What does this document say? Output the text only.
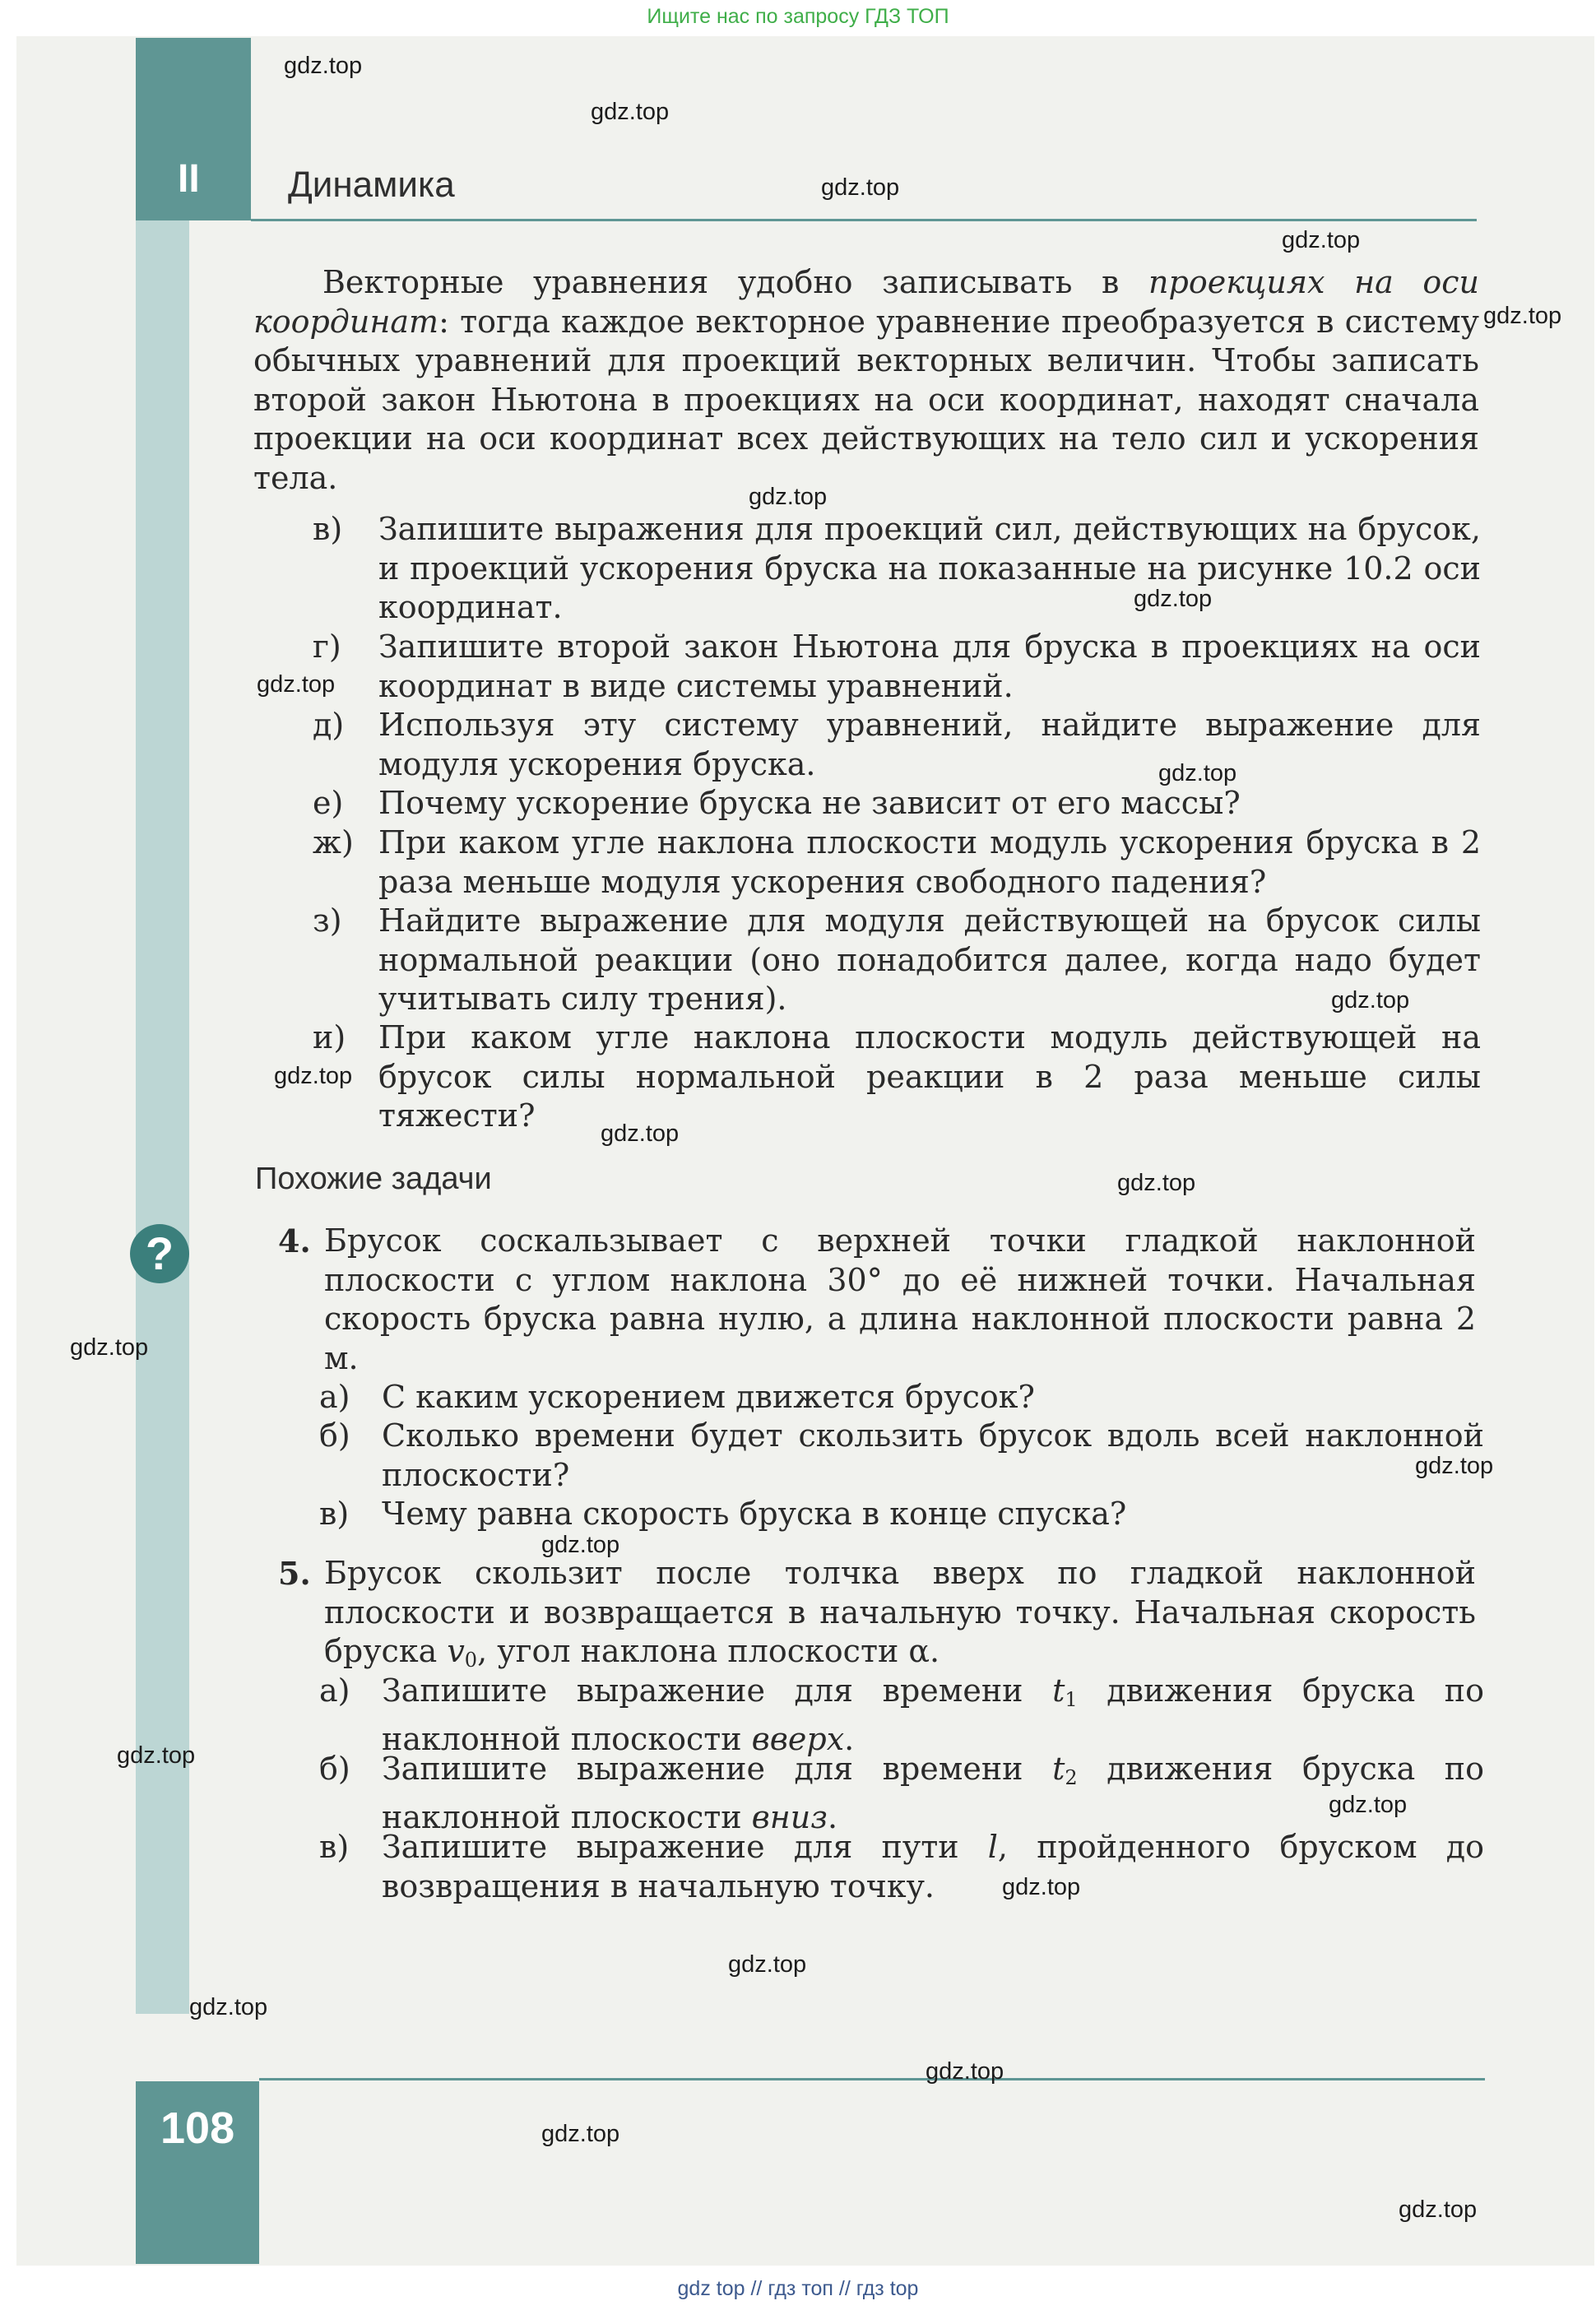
Ищите нас по запросу ГДЗ ТОП
II Динамика

Векторные уравнения удобно записывать в проекциях на оси координат: тогда каждое векторное уравнение преобразуется в систему обычных уравнений для проекций векторных величин. Чтобы записать второй закон Ньютона в проекциях на оси координат, находят сначала проекции на оси координат всех действующих на тело сил и ускорения тела.

в) Запишите выражения для проекций сил, действующих на брусок, и проекций ускорения бруска на показанные на рисунке 10.2 оси координат.
г) Запишите второй закон Ньютона для бруска в проекциях на оси координат в виде системы уравнений.
д) Используя эту систему уравнений, найдите выражение для модуля ускорения бруска.
е) Почему ускорение бруска не зависит от его массы?
ж) При каком угле наклона плоскости модуль ускорения бруска в 2 раза меньше модуля ускорения свободного падения?
з) Найдите выражение для модуля действующей на брусок силы нормальной реакции (оно понадобится далее, когда надо будет учитывать силу трения).
и) При каком угле наклона плоскости модуль действующей на брусок силы нормальной реакции в 2 раза меньше силы тяжести?
Похожие задачи
?	4. Брусок соскальзывает с верхней точки гладкой наклонной плоскости с углом наклона 30° до её нижней точки. Начальная скорость бруска равна нулю, а длина наклонной плоскости равна 2 м.
а) С каким ускорением движется брусок?
б) Сколько времени будет скользить брусок вдоль всей наклонной плоскости?
в) Чему равна скорость бруска в конце спуска?
5. Брусок скользит после толчка вверх по гладкой наклонной плоскости и возвращается в начальную точку. Начальная скорость бруска $v_0$, угол наклона плоскости α.
а) Запишите выражение для времени $t_1$ движения бруска по наклонной плоскости вверх.
б) Запишите выражение для времени $t_2$ движения бруска по наклонной плоскости вниз.
в) Запишите выражение для пути l, пройденного бруском до возвращения в начальную точку.
108
gdz.top
gdz.top
gdz.top
gdz.top
gdz.top
gdz.top
gdz.top
gdz.top
gdz.top
gdz.top
gdz.top
gdz.top
gdz.top
gdz.top
gdz.top
gdz.top
gdz.top
gdz.top
gdz.top
gdz.top
gdz.top
gdz.top
gdz.top
gdz.top
gdz top // гдз топ // гдз top
